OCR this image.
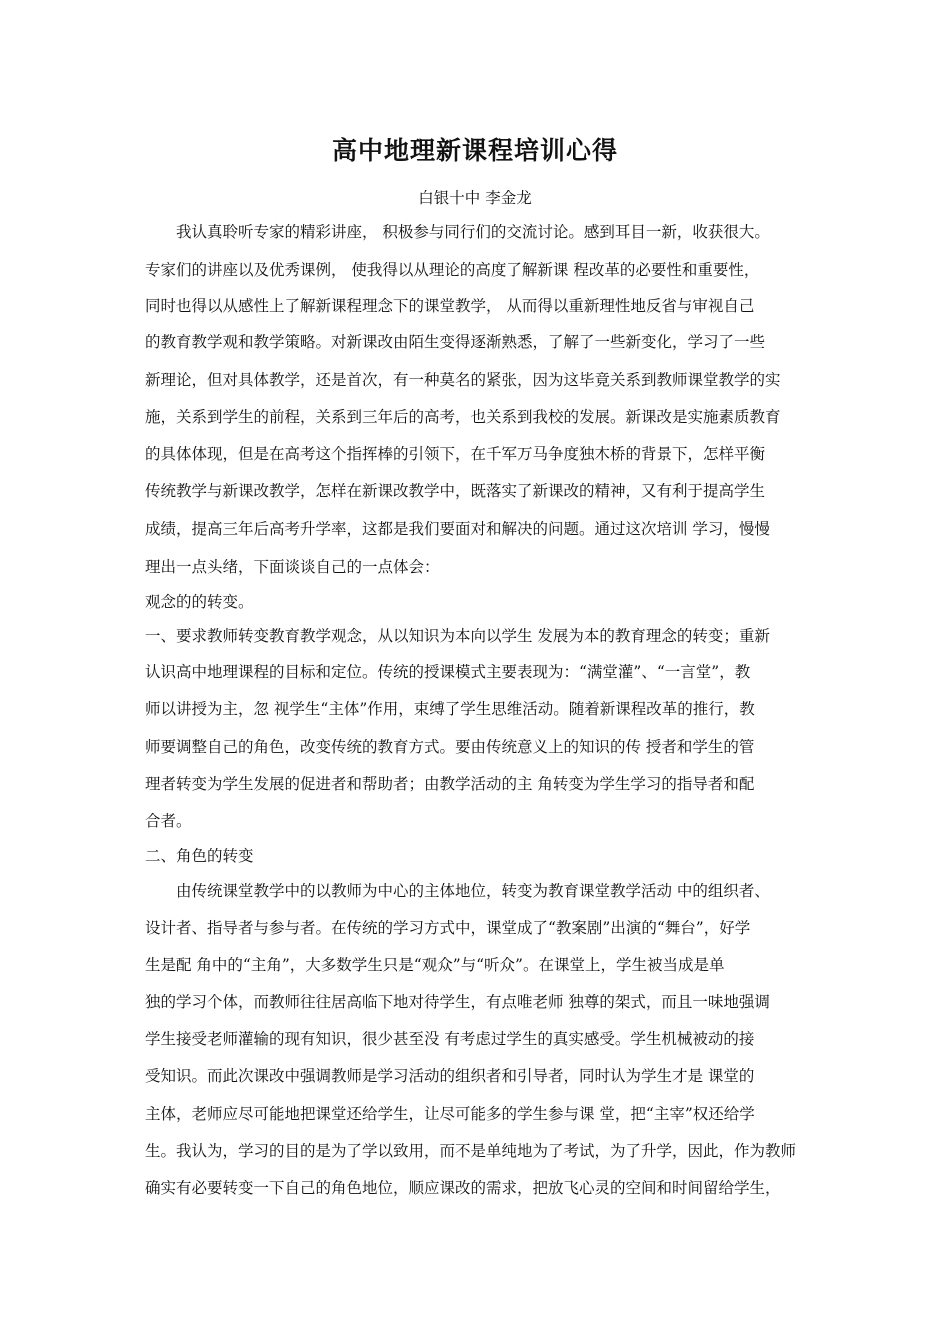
高中地理新课程培训心得
白银十中 李金龙
我认真聆听专家的精彩讲座， 积极参与同行们的交流讨论。感到耳目一新，收获很大。
专家们的讲座以及优秀课例， 使我得以从理论的高度了解新课 程改革的必要性和重要性，
同时也得以从感性上了解新课程理念下的课堂教学， 从而得以重新理性地反省与审视自己
的教育教学观和教学策略。对新课改由陌生变得逐渐熟悉，了解了一些新变化，学习了一些
新理论，但对具体教学，还是首次，有一种莫名的紧张，因为这毕竟关系到教师课堂教学的实
施，关系到学生的前程，关系到三年后的高考，也关系到我校的发展。新课改是实施素质教育
的具体体现，但是在高考这个指挥棒的引领下，在千军万马争度独木桥的背景下，怎样平衡
传统教学与新课改教学，怎样在新课改教学中，既落实了新课改的精神，又有利于提高学生
成绩，提高三年后高考升学率，这都是我们要面对和解决的问题。通过这次培训 学习，慢慢
理出一点头绪，下面谈谈自己的一点体会：
观念的的转变。
一、要求教师转变教育教学观念，从以知识为本向以学生 发展为本的教育理念的转变；重新
认识高中地理课程的目标和定位。传统的授课模式主要表现为：“满堂灌”、“一言堂”，教
师以讲授为主，忽 视学生“主体”作用，束缚了学生思维活动。随着新课程改革的推行，教
师要调整自己的角色，改变传统的教育方式。要由传统意义上的知识的传 授者和学生的管
理者转变为学生发展的促进者和帮助者；由教学活动的主 角转变为学生学习的指导者和配
合者。
二、角色的转变
由传统课堂教学中的以教师为中心的主体地位，转变为教育课堂教学活动 中的组织者、
设计者、指导者与参与者。在传统的学习方式中，课堂成了“教案剧”出演的“舞台”，好学
生是配 角中的“主角”，大多数学生只是“观众”与“听众”。在课堂上，学生被当成是单
独的学习个体，而教师往往居高临下地对待学生，有点唯老师 独尊的架式，而且一味地强调
学生接受老师灌输的现有知识，很少甚至没 有考虑过学生的真实感受。学生机械被动的接
受知识。而此次课改中强调教师是学习活动的组织者和引导者，同时认为学生才是 课堂的
主体，老师应尽可能地把课堂还给学生，让尽可能多的学生参与课 堂，把“主宰”权还给学
生。我认为，学习的目的是为了学以致用，而不是单纯地为了考试，为了升学，因此，作为教师
确实有必要转变一下自己的角色地位，顺应课改的需求，把放飞心灵的空间和时间留给学生，
